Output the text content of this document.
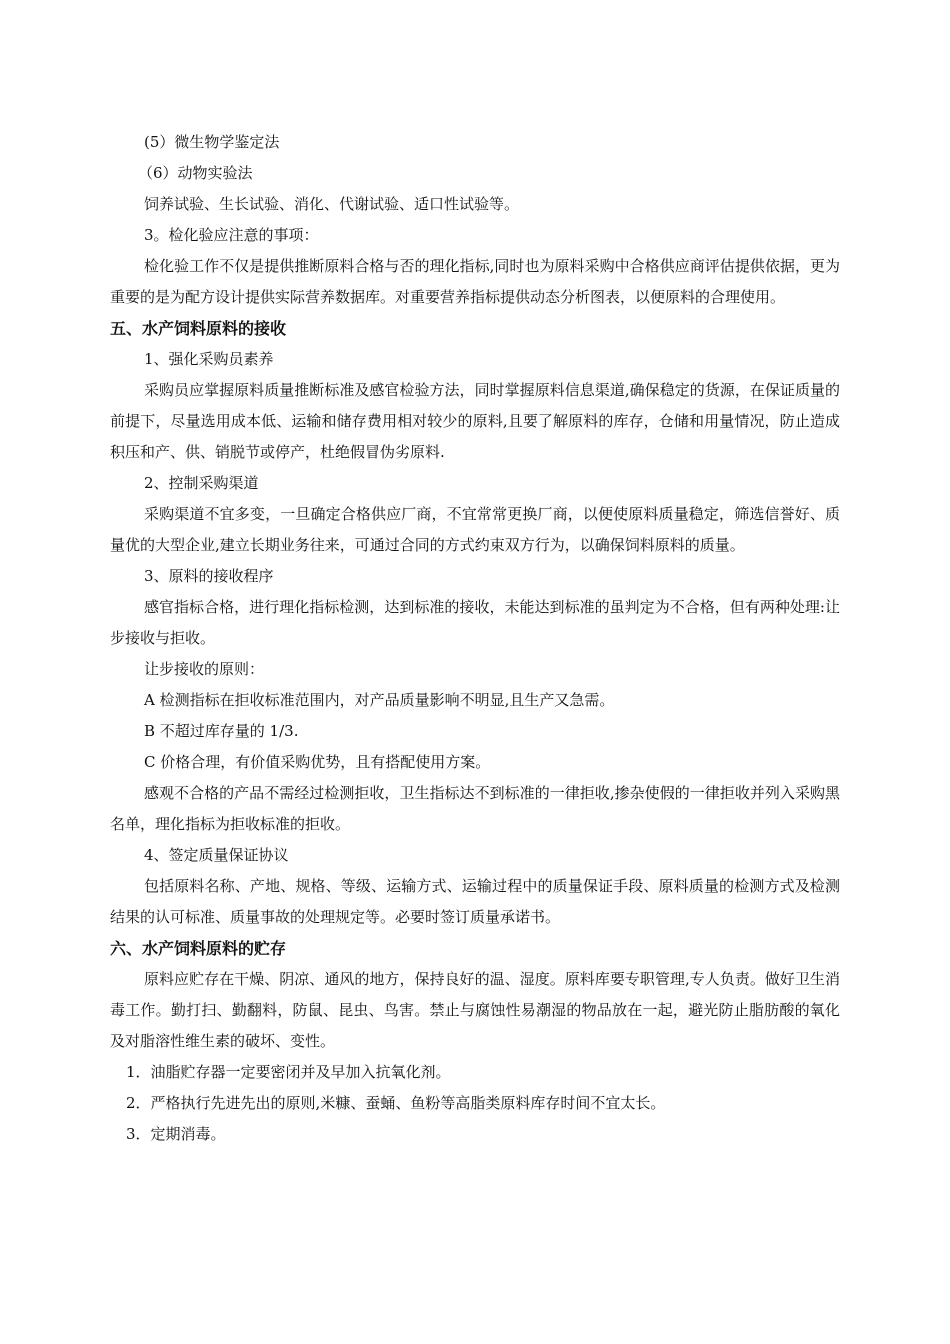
(5）微生物学鉴定法

（6）动物实验法

饲养试验、生长试验、消化、代谢试验、适口性试验等。

3。检化验应注意的事项：

检化验工作不仅是提供推断原料合格与否的理化指标,同时也为原料采购中合格供应商评估提供依据，更为重要的是为配方设计提供实际营养数据库。对重要营养指标提供动态分析图表，以便原料的合理使用。

五、水产饲料原料的接收

1、强化采购员素养

采购员应掌握原料质量推断标准及感官检验方法，同时掌握原料信息渠道,确保稳定的货源，在保证质量的前提下，尽量选用成本低、运输和储存费用相对较少的原料,且要了解原料的库存，仓储和用量情况，防止造成积压和产、供、销脱节或停产，杜绝假冒伪劣原料.

2、控制采购渠道

采购渠道不宜多变，一旦确定合格供应厂商，不宜常常更换厂商，以便使原料质量稳定，筛选信誉好、质量优的大型企业,建立长期业务往来，可通过合同的方式约束双方行为，以确保饲料原料的质量。

3、原料的接收程序

感官指标合格，进行理化指标检测，达到标准的接收，未能达到标准的虽判定为不合格，但有两种处理:让步接收与拒收。

让步接收的原则：

A 检测指标在拒收标准范围内，对产品质量影响不明显,且生产又急需。

B 不超过库存量的 1/3.

C 价格合理，有价值采购优势，且有搭配使用方案。

感观不合格的产品不需经过检测拒收，卫生指标达不到标准的一律拒收,掺杂使假的一律拒收并列入采购黑名单，理化指标为拒收标准的拒收。

4、签定质量保证协议

包括原料名称、产地、规格、等级、运输方式、运输过程中的质量保证手段、原料质量的检测方式及检测结果的认可标准、质量事故的处理规定等。必要时签订质量承诺书。

六、水产饲料原料的贮存

原料应贮存在干燥、阴凉、通风的地方，保持良好的温、湿度。原料库要专职管理,专人负责。做好卫生消毒工作。勤打扫、勤翻料，防鼠、昆虫、鸟害。禁止与腐蚀性易潮湿的物品放在一起，避光防止脂肪酸的氧化及对脂溶性维生素的破坏、变性。

1．油脂贮存器一定要密闭并及早加入抗氧化剂。

2．严格执行先进先出的原则,米糠、蚕蛹、鱼粉等高脂类原料库存时间不宜太长。

3．定期消毒。
